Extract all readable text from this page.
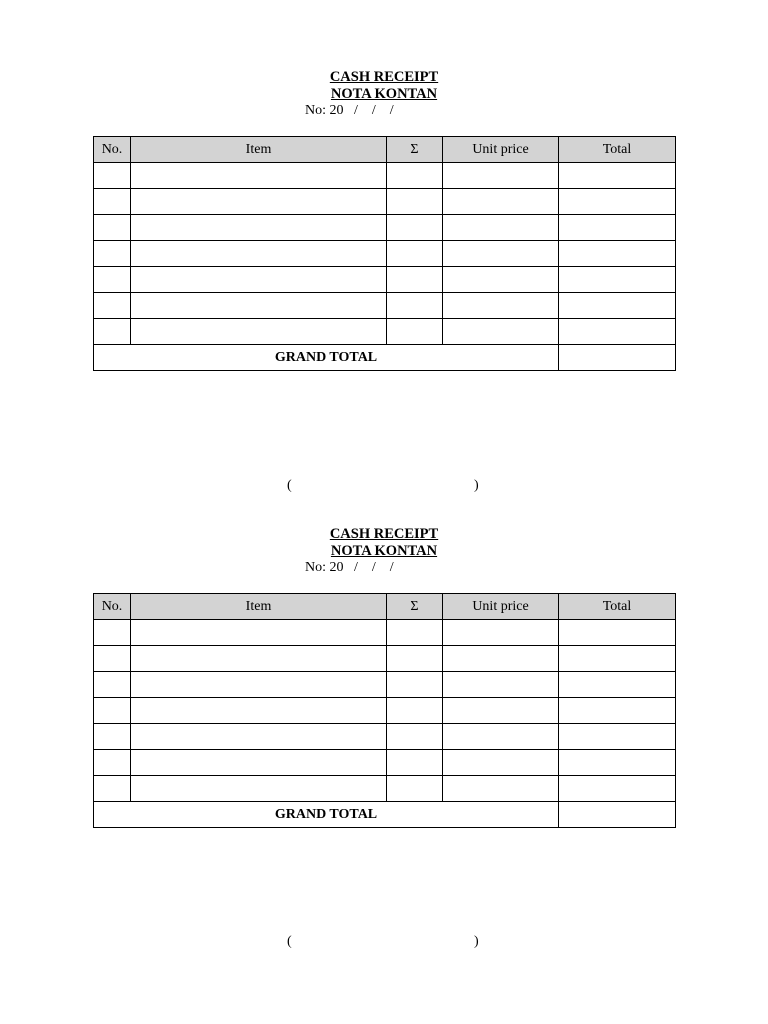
CASH RECEIPT
NOTA KONTAN
No: 20   /    /    /
No.	Item	Σ	Unit price	Total

GRAND TOTAL				
(	)
CASH RECEIPT
NOTA KONTAN
No: 20   /    /    /
No.	Item	Σ	Unit price	Total

GRAND TOTAL				
(	)
